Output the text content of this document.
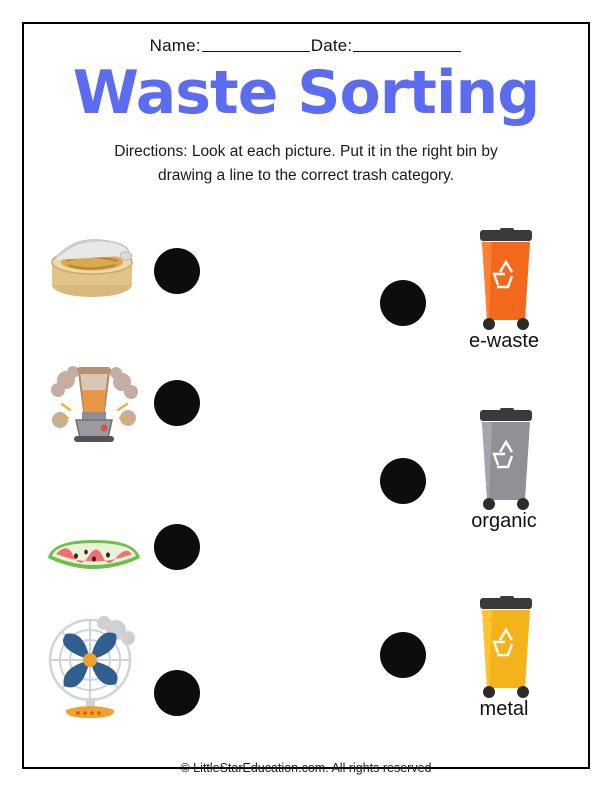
Name:	Date:
Waste Sorting
Directions: Look at each picture. Put it in the right bin by
drawing a line to the correct trash category.
e-waste
organic
metal
© LittleStarEducation.com. All rights reserved
